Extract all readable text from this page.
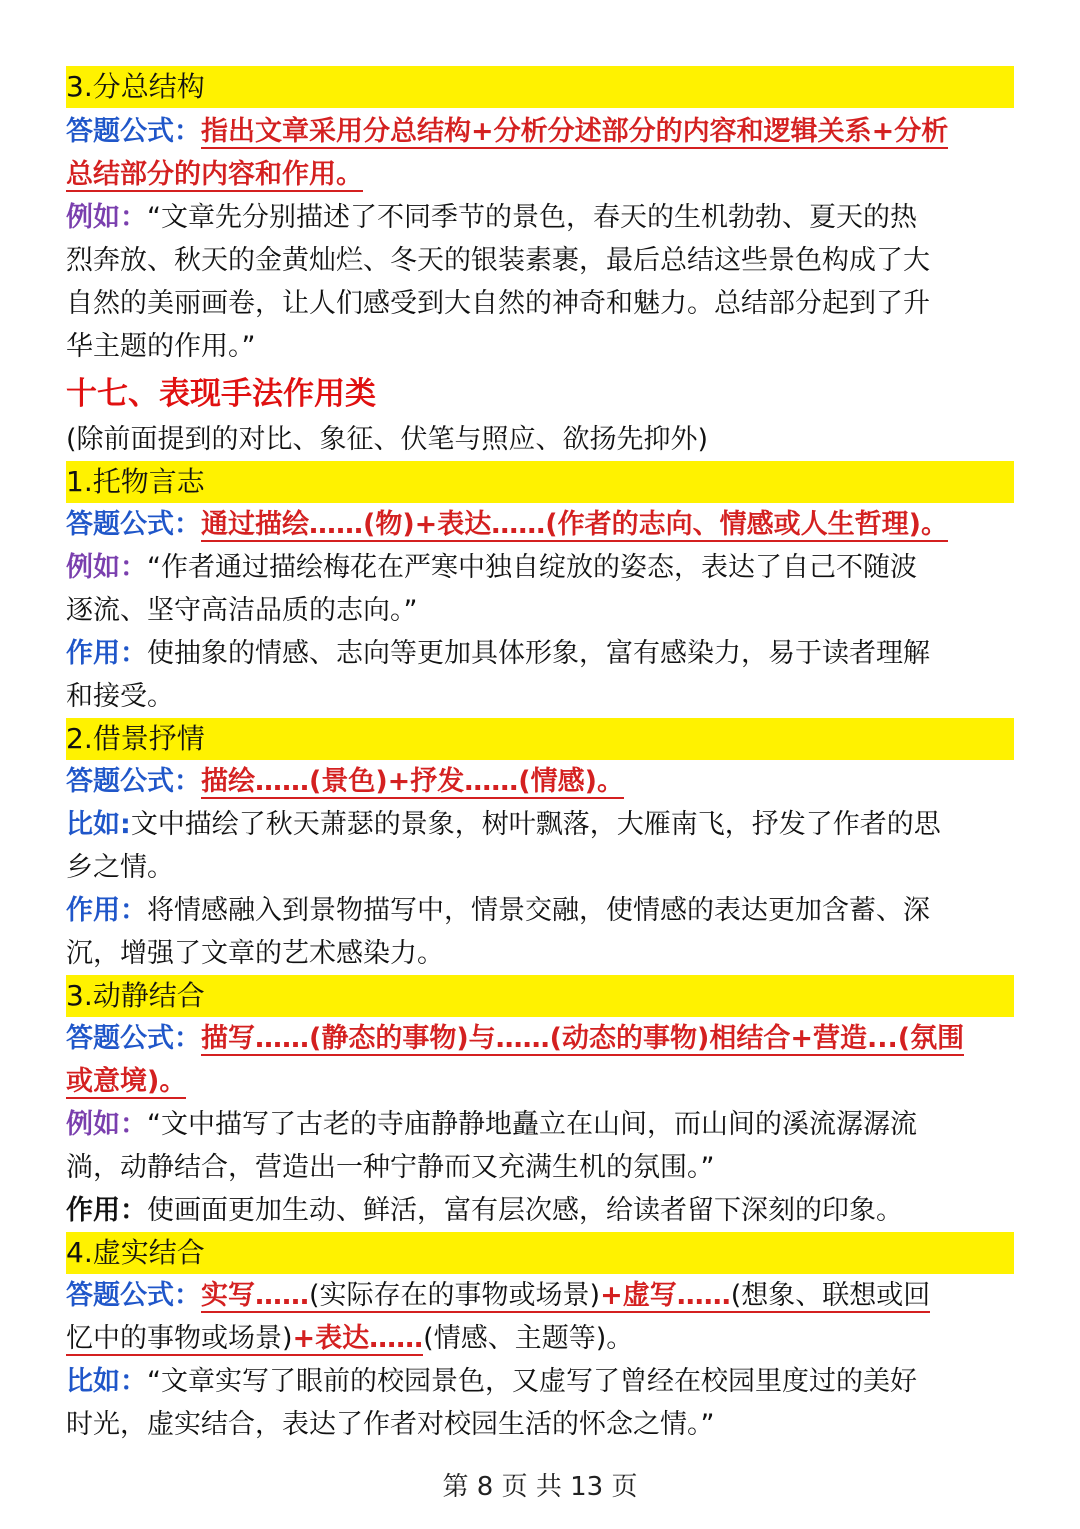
3.分总结构
答题公式：指出文章采用分总结构+分析分述部分的内容和逻辑关系+分析
总结部分的内容和作用。
例如：“文章先分别描述了不同季节的景色，春天的生机勃勃、夏天的热
烈奔放、秋天的金黄灿烂、冬天的银装素裹，最后总结这些景色构成了大
自然的美丽画卷，让人们感受到大自然的神奇和魅力。总结部分起到了升
华主题的作用。”
十七、表现手法作用类
(除前面提到的对比、象征、伏笔与照应、欲扬先抑外)
1.托物言志
答题公式：通过描绘……(物)+表达……(作者的志向、情感或人生哲理)。
例如：“作者通过描绘梅花在严寒中独自绽放的姿态，表达了自己不随波
逐流、坚守高洁品质的志向。”
作用：使抽象的情感、志向等更加具体形象，富有感染力，易于读者理解
和接受。
2.借景抒情
答题公式：描绘……(景色)+抒发……(情感)。
比如:文中描绘了秋天萧瑟的景象，树叶飘落，大雁南飞，抒发了作者的思
乡之情。
作用：将情感融入到景物描写中，情景交融，使情感的表达更加含蓄、深
沉，增强了文章的艺术感染力。
3.动静结合
答题公式：描写……(静态的事物)与……(动态的事物)相结合+营造...(氛围
或意境)。
例如：“文中描写了古老的寺庙静静地矗立在山间，而山间的溪流潺潺流
淌，动静结合，营造出一种宁静而又充满生机的氛围。”
作用：使画面更加生动、鲜活，富有层次感，给读者留下深刻的印象。
4.虚实结合
答题公式：实写……(实际存在的事物或场景)+虚写……(想象、联想或回
忆中的事物或场景)+表达……(情感、主题等)。
比如：“文章实写了眼前的校园景色，又虚写了曾经在校园里度过的美好
时光，虚实结合，表达了作者对校园生活的怀念之情。”
第 8 页 共 13 页
